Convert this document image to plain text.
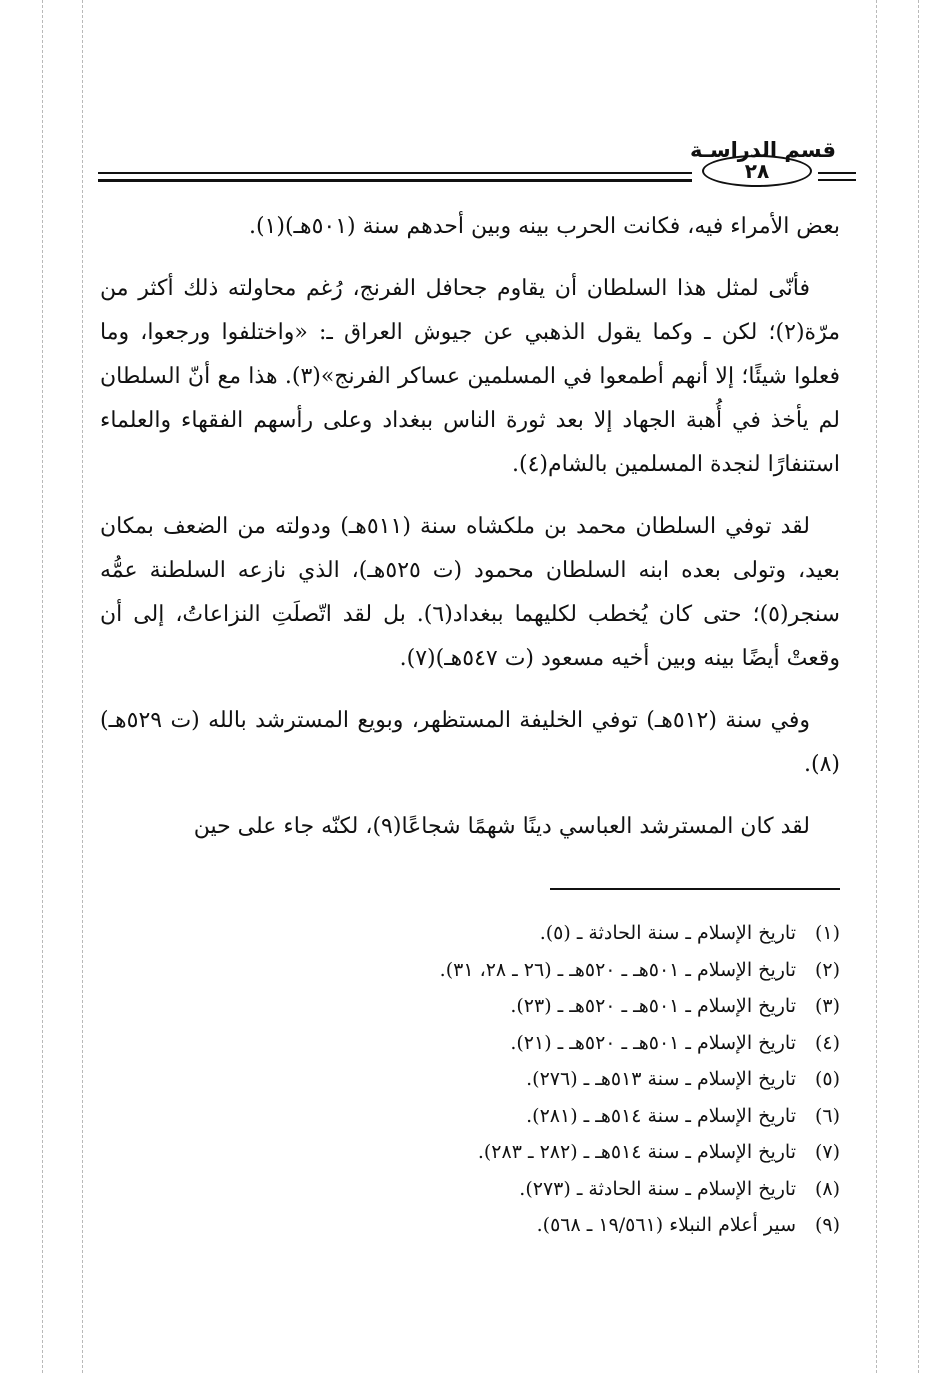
قسم الدراسـة
٢٨

بعض الأمراء فيه، فكانت الحرب بينه وبين أحدهم سنة (٥٠١هـ)(١).

فأنّى لمثل هذا السلطان أن يقاوم جحافل الفرنج، رُغم محاولته ذلك أكثر من مرّة(٢)؛ لكن ـ وكما يقول الذهبي عن جيوش العراق ـ: «واختلفوا ورجعوا، وما فعلوا شيئًا؛ إلا أنهم أطمعوا في المسلمين عساكر الفرنج»(٣). هذا مع أنّ السلطان لم يأخذ في أُهبة الجهاد إلا بعد ثورة الناس ببغداد وعلى رأسهم الفقهاء والعلماء استنفارًا لنجدة المسلمين بالشام(٤).

لقد توفي السلطان محمد بن ملكشاه سنة (٥١١هـ) ودولته من الضعف بمكان بعيد، وتولى بعده ابنه السلطان محمود (ت ٥٢٥هـ)، الذي نازعه السلطنة عمُّه سنجر(٥)؛ حتى كان يُخطب لكليهما ببغداد(٦). بل لقد اتّصلَتِ النزاعاتُ، إلى أن وقعتْ أيضًا بينه وبين أخيه مسعود (ت ٥٤٧هـ)(٧).

وفي سنة (٥١٢هـ) توفي الخليفة المستظهر، وبويع المسترشد بالله (ت ٥٢٩هـ)(٨).

لقد كان المسترشد العباسي دينًا شهمًا شجاعًا(٩)، لكنّه جاء على حين

(١)تاريخ الإسلام ـ سنة الحادثة ـ (٥).
(٢)تاريخ الإسلام ـ ٥٠١هـ ـ ٥٢٠هـ ـ (٢٦ ـ ٢٨، ٣١).
(٣)تاريخ الإسلام ـ ٥٠١هـ ـ ٥٢٠هـ ـ (٢٣).
(٤)تاريخ الإسلام ـ ٥٠١هـ ـ ٥٢٠هـ ـ (٢١).
(٥)تاريخ الإسلام ـ سنة ٥١٣هـ ـ (٢٧٦).
(٦)تاريخ الإسلام ـ سنة ٥١٤هـ ـ (٢٨١).
(٧)تاريخ الإسلام ـ سنة ٥١٤هـ ـ (٢٨٢ ـ ٢٨٣).
(٨)تاريخ الإسلام ـ سنة الحادثة ـ (٢٧٣).
(٩)سير أعلام النبلاء (١٩/٥٦١ ـ ٥٦٨).
